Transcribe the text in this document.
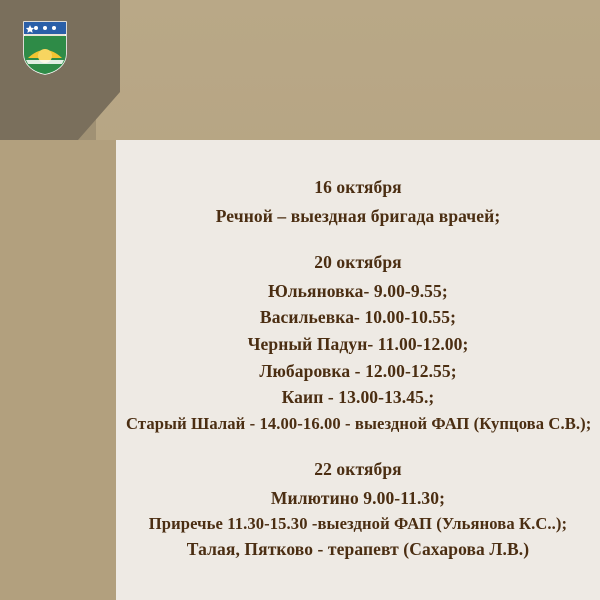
16 октября
Речной – выездная бригада врачей;
20 октября
Юльяновка- 9.00-9.55;
Васильевка- 10.00-10.55;
Черный Падун- 11.00-12.00;
Любаровка - 12.00-12.55;
Каип - 13.00-13.45.;
Старый Шалай - 14.00-16.00 - выездной ФАП (Купцова С.В.);
22 октября
Милютино 9.00-11.30;
Приречье 11.30-15.30 -выездной ФАП (Ульянова К.С..);
Талая, Пятково - терапевт (Сахарова Л.В.)
